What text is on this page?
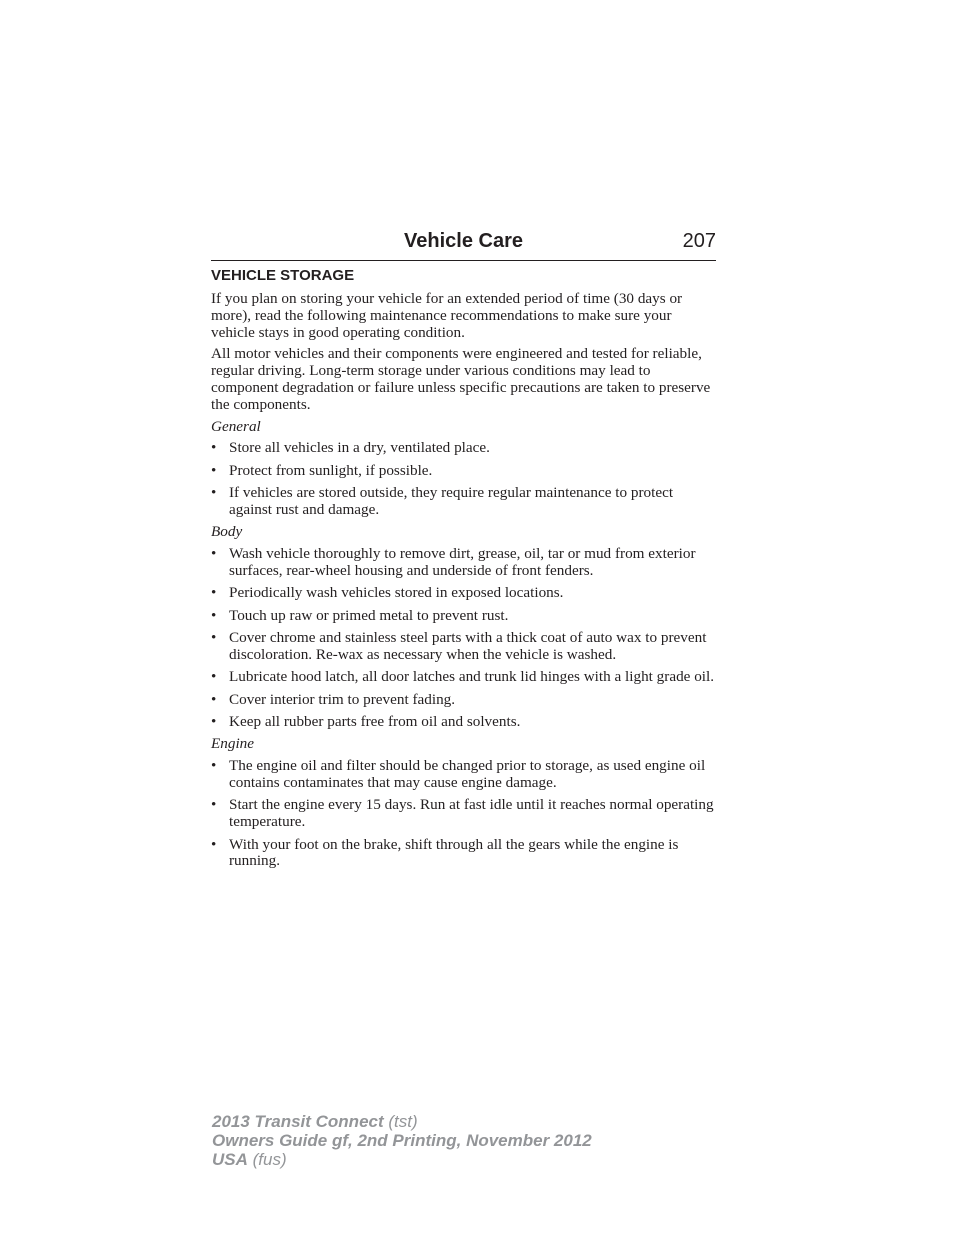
Vehicle Care	207
VEHICLE STORAGE

If you plan on storing your vehicle for an extended period of time (30 days or more), read the following maintenance recommendations to make sure your vehicle stays in good operating condition.

All motor vehicles and their components were engineered and tested for reliable, regular driving. Long-term storage under various conditions may lead to component degradation or failure unless specific precautions are taken to preserve the components.

General
• Store all vehicles in a dry, ventilated place.
• Protect from sunlight, if possible.
• If vehicles are stored outside, they require regular maintenance to protect against rust and damage.
Body
• Wash vehicle thoroughly to remove dirt, grease, oil, tar or mud from exterior surfaces, rear-wheel housing and underside of front fenders.
• Periodically wash vehicles stored in exposed locations.
• Touch up raw or primed metal to prevent rust.
• Cover chrome and stainless steel parts with a thick coat of auto wax to prevent discoloration. Re-wax as necessary when the vehicle is washed.
• Lubricate hood latch, all door latches and trunk lid hinges with a light grade oil.
• Cover interior trim to prevent fading.
• Keep all rubber parts free from oil and solvents.
Engine
• The engine oil and filter should be changed prior to storage, as used engine oil contains contaminates that may cause engine damage.
• Start the engine every 15 days. Run at fast idle until it reaches normal operating temperature.
• With your foot on the brake, shift through all the gears while the engine is running.
2013 Transit Connect (tst)
Owners Guide gf, 2nd Printing, November 2012
USA (fus)
